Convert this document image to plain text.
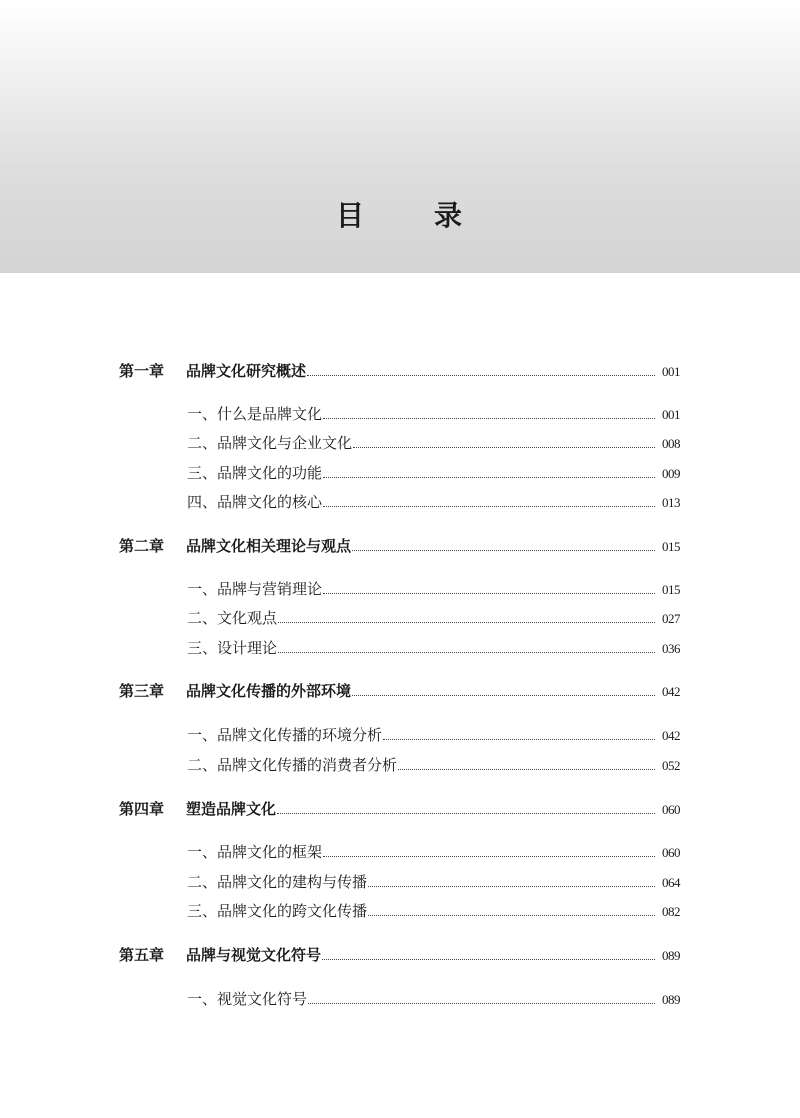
目 录
第一章	品牌文化研究概述	001
一、什么是品牌文化	001
二、品牌文化与企业文化	008
三、品牌文化的功能	009
四、品牌文化的核心	013
第二章	品牌文化相关理论与观点	015
一、品牌与营销理论	015
二、文化观点	027
三、设计理论	036
第三章	品牌文化传播的外部环境	042
一、品牌文化传播的环境分析	042
二、品牌文化传播的消费者分析	052
第四章	塑造品牌文化	060
一、品牌文化的框架	060
二、品牌文化的建构与传播	064
三、品牌文化的跨文化传播	082
第五章	品牌与视觉文化符号	089
一、视觉文化符号	089
